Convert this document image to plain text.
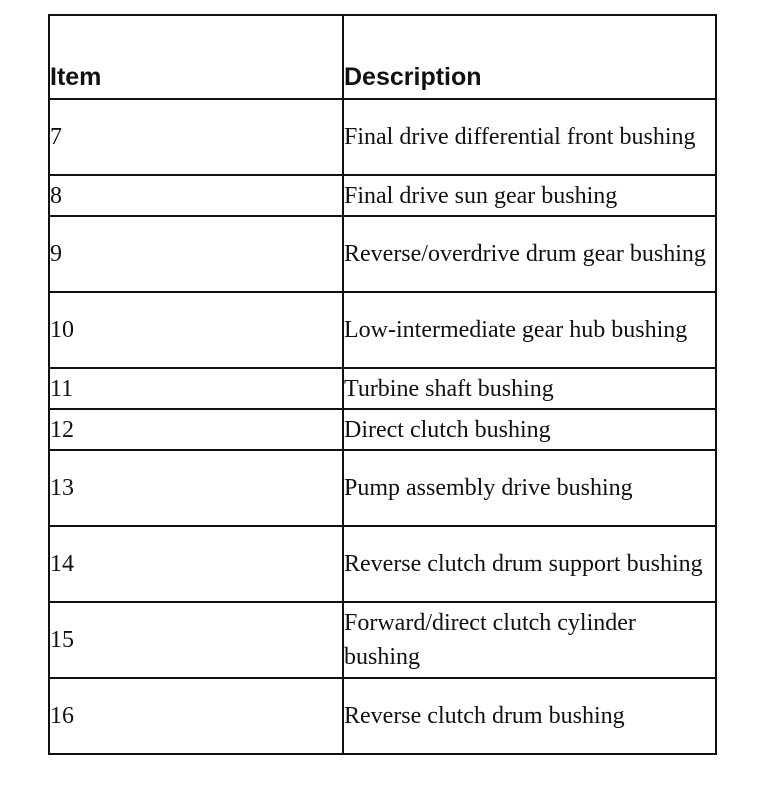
Item	Description
7	Final drive differential front bushing
8	Final drive sun gear bushing
9	Reverse/overdrive drum gear bushing
10	Low-intermediate gear hub bushing
11	Turbine shaft bushing
12	Direct clutch bushing
13	Pump assembly drive bushing
14	Reverse clutch drum support bushing
15	Forward/direct clutch cylinder bushing
16	Reverse clutch drum bushing
